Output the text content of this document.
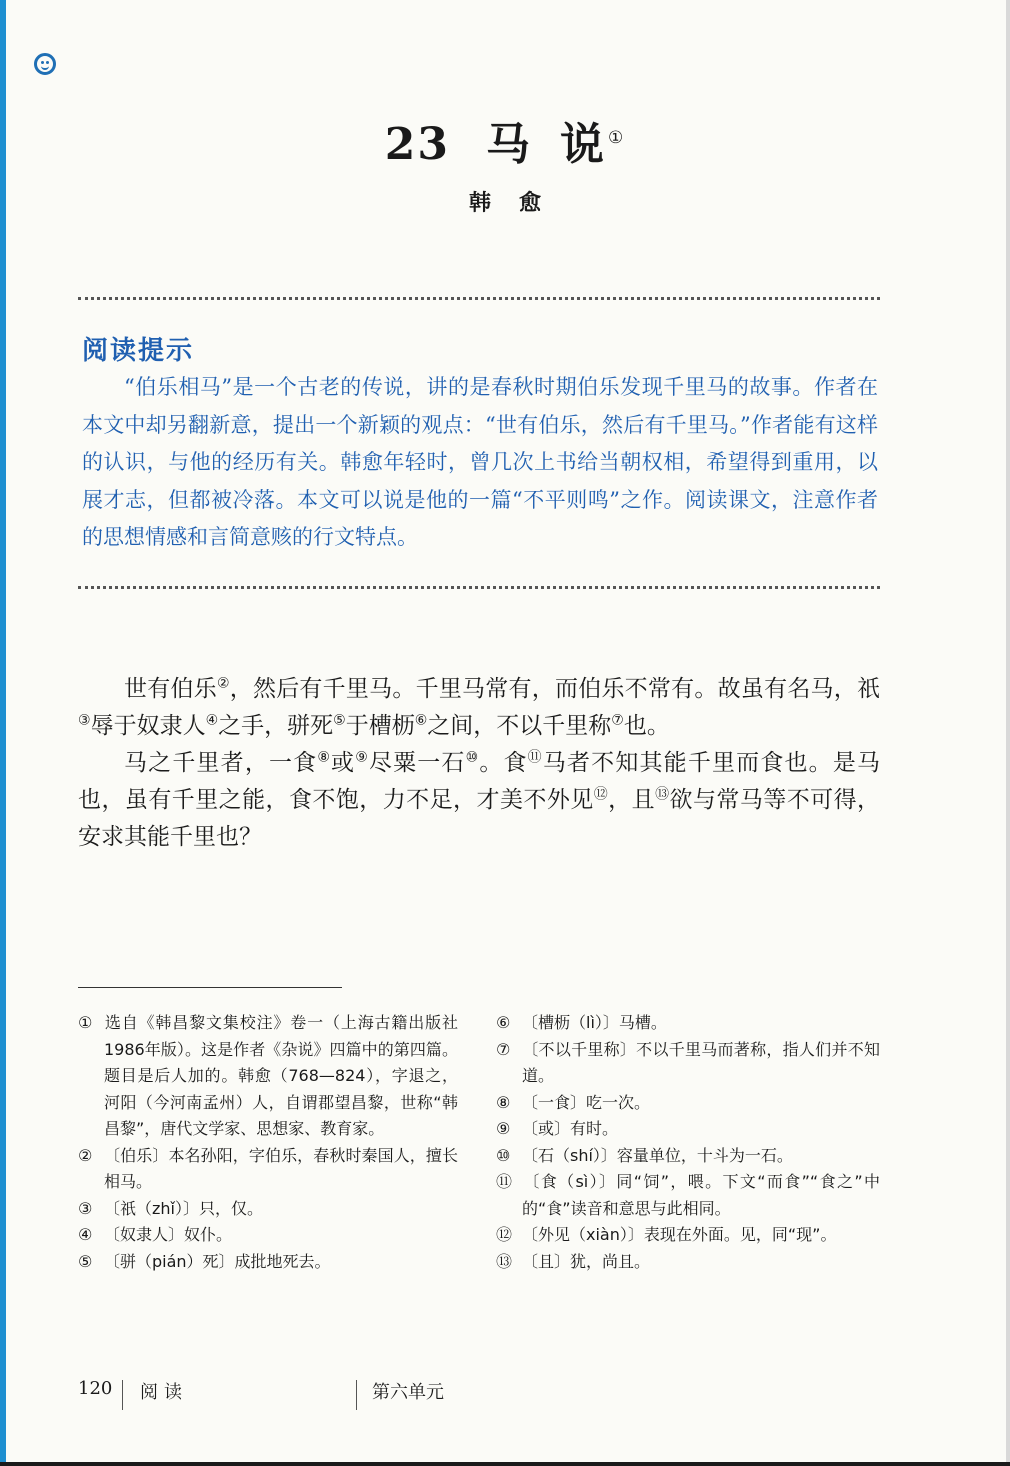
23 马 说 ①
韩愈
阅读提示
“伯乐相马”是一个古老的传说，讲的是春秋时期伯乐发现千里马的故事。作者在本文中却另翻新意，提出一个新颖的观点：“世有伯乐，然后有千里马。”作者能有这样的认识，与他的经历有关。韩愈年轻时，曾几次上书给当朝权相，希望得到重用，以展才志，但都被冷落。本文可以说是他的一篇“不平则鸣”之作。阅读课文，注意作者的思想情感和言简意赅的行文特点。

世有伯乐②，然后有千里马。千里马常有，而伯乐不常有。故虽有名马，祇③辱于奴隶人④之手，骈死⑤于槽枥⑥之间，不以千里称⑦也。

马之千里者，一食⑧或⑨尽粟一石⑩。食⑪马者不知其能千里而食也。是马也，虽有千里之能，食不饱，力不足，才美不外见⑫，且⑬欲与常马等不可得，安求其能千里也？

① 选自《韩昌黎文集校注》卷一（上海古籍出版社1986年版）。这是作者《杂说》四篇中的第四篇。题目是后人加的。韩愈（768—824），字退之，河阳（今河南孟州）人，自谓郡望昌黎，世称“韩昌黎”，唐代文学家、思想家、教育家。
② 〔伯乐〕本名孙阳，字伯乐，春秋时秦国人，擅长相马。
③ 〔祇（zhǐ）〕只，仅。
④ 〔奴隶人〕奴仆。
⑤ 〔骈（pián）死〕成批地死去。
⑥ 〔槽枥（lì）〕马槽。
⑦ 〔不以千里称〕不以千里马而著称，指人们并不知道。
⑧ 〔一食〕吃一次。
⑨ 〔或〕有时。
⑩ 〔石（shí）〕容量单位，十斗为一石。
⑪ 〔食（sì）〕同“饲”，喂。下文“而食”“食之”中的“食”读音和意思与此相同。
⑫ 〔外见（xiàn）〕表现在外面。见，同“现”。
⑬ 〔且〕犹，尚且。
120 阅读	第六单元
